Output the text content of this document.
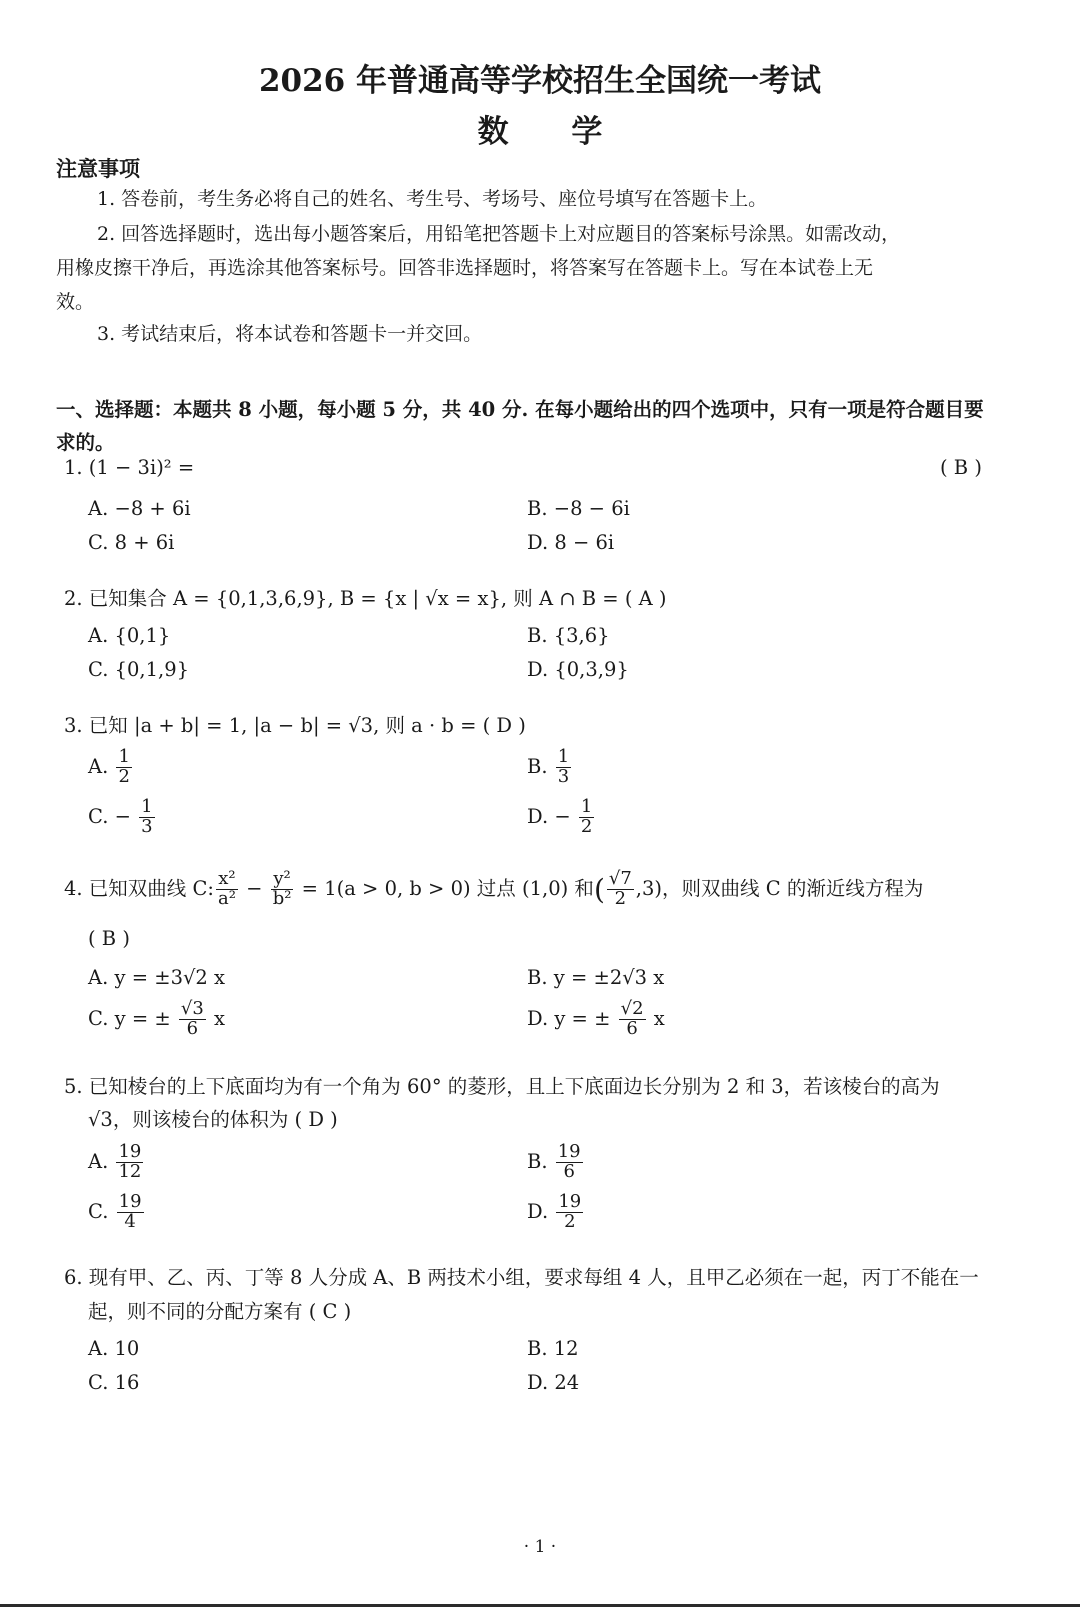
2026 年普通高等学校招生全国统一考试
数 学
注意事项
1. 答卷前，考生务必将自己的姓名、考生号、考场号、座位号填写在答题卡上。
2. 回答选择题时，选出每小题答案后，用铅笔把答题卡上对应题目的答案标号涂黑。如需改动，
用橡皮擦干净后，再选涂其他答案标号。回答非选择题时，将答案写在答题卡上。写在本试卷上无
效。
3. 考试结束后，将本试卷和答题卡一并交回。
一、选择题：本题共 8 小题，每小题 5 分，共 40 分. 在每小题给出的四个选项中，只有一项是符合题目要
求的。
1. (1 − 3i)² =	( B )
A. −8 + 6i	B. −8 − 6i
C. 8 + 6i	D. 8 − 6i
2. 已知集合 A = {0,1,3,6,9}, B = {x | √x = x}, 则 A ∩ B = ( A )
A. {0,1}	B. {3,6}
C. {0,1,9}	D. {0,3,9}
3. 已知 |a + b| = 1, |a − b| = √3, 则 a · b = ( D )
A. $\frac{1}{2}$	B. $\frac{1}{3}$
C. − $\frac{1}{3}$	D. − $\frac{1}{2}$
4. 已知双曲线 C: $\frac{\text{x²}}{\text{a²}} - \frac{\text{y²}}{\text{b²}} = 1(a > 0$, b > 0) 过点 (1,0) 和( $\frac{√7}{2} ,3$)，则双曲线 C 的渐近线方程为
( B )
A. y = ±3√2 x	B. y = ±2√3 x
C. y = ± $\frac{√3}{6}$ x	D. y = ± $\frac{√2}{6}$ x
5. 已知棱台的上下底面均为有一个角为 60° 的菱形，且上下底面边长分别为 2 和 3，若该棱台的高为
√3，则该棱台的体积为 ( D )
A. $\frac{19}{12}$	B. $\frac{19}{6}$
C. $\frac{19}{4}$	D. $\frac{19}{2}$
6. 现有甲、乙、丙、丁等 8 人分成 A、B 两技术小组，要求每组 4 人，且甲乙必须在一起，丙丁不能在一
起，则不同的分配方案有 ( C )
A. 10	B. 12
C. 16	D. 24
· 1 ·
